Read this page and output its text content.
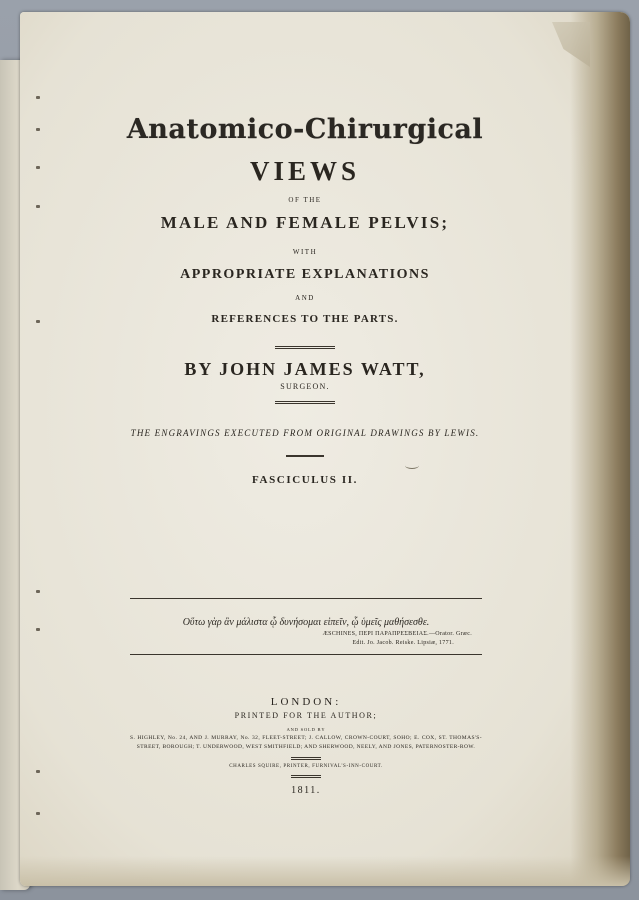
Anatomico-Chirurgical
VIEWS
OF THE
MALE AND FEMALE PELVIS;
WITH
APPROPRIATE EXPLANATIONS
AND
REFERENCES TO THE PARTS.
BY JOHN JAMES WATT,
SURGEON.
THE ENGRAVINGS EXECUTED FROM ORIGINAL DRAWINGS BY LEWIS.
FASCICULUS II.
Οὕτω γὰρ ἂν μάλιστα ᾧ δυνήσομαι εἰπεῖν, ᾧ ὑμεῖς μαθήσεσθε.
ÆSCHINES, ΠΕΡΙ ΠΑΡΑΠΡΕΣΒΕΙΑΣ.—Orator. Græc.
Edit. Jo. Jacob. Reiske. Lipsiæ, 1771.
LONDON:
PRINTED FOR THE AUTHOR;
AND SOLD BY
S. HIGHLEY, No. 24, AND J. MURRAY, No. 32, FLEET-STREET; J. CALLOW, CROWN-COURT, SOHO; E. COX, ST. THOMAS'S-STREET, BOROUGH; T. UNDERWOOD, WEST SMITHFIELD; AND SHERWOOD, NEELY, AND JONES, PATERNOSTER-ROW.
CHARLES SQUIRE, PRINTER, FURNIVAL'S-INN-COURT.
1811.
